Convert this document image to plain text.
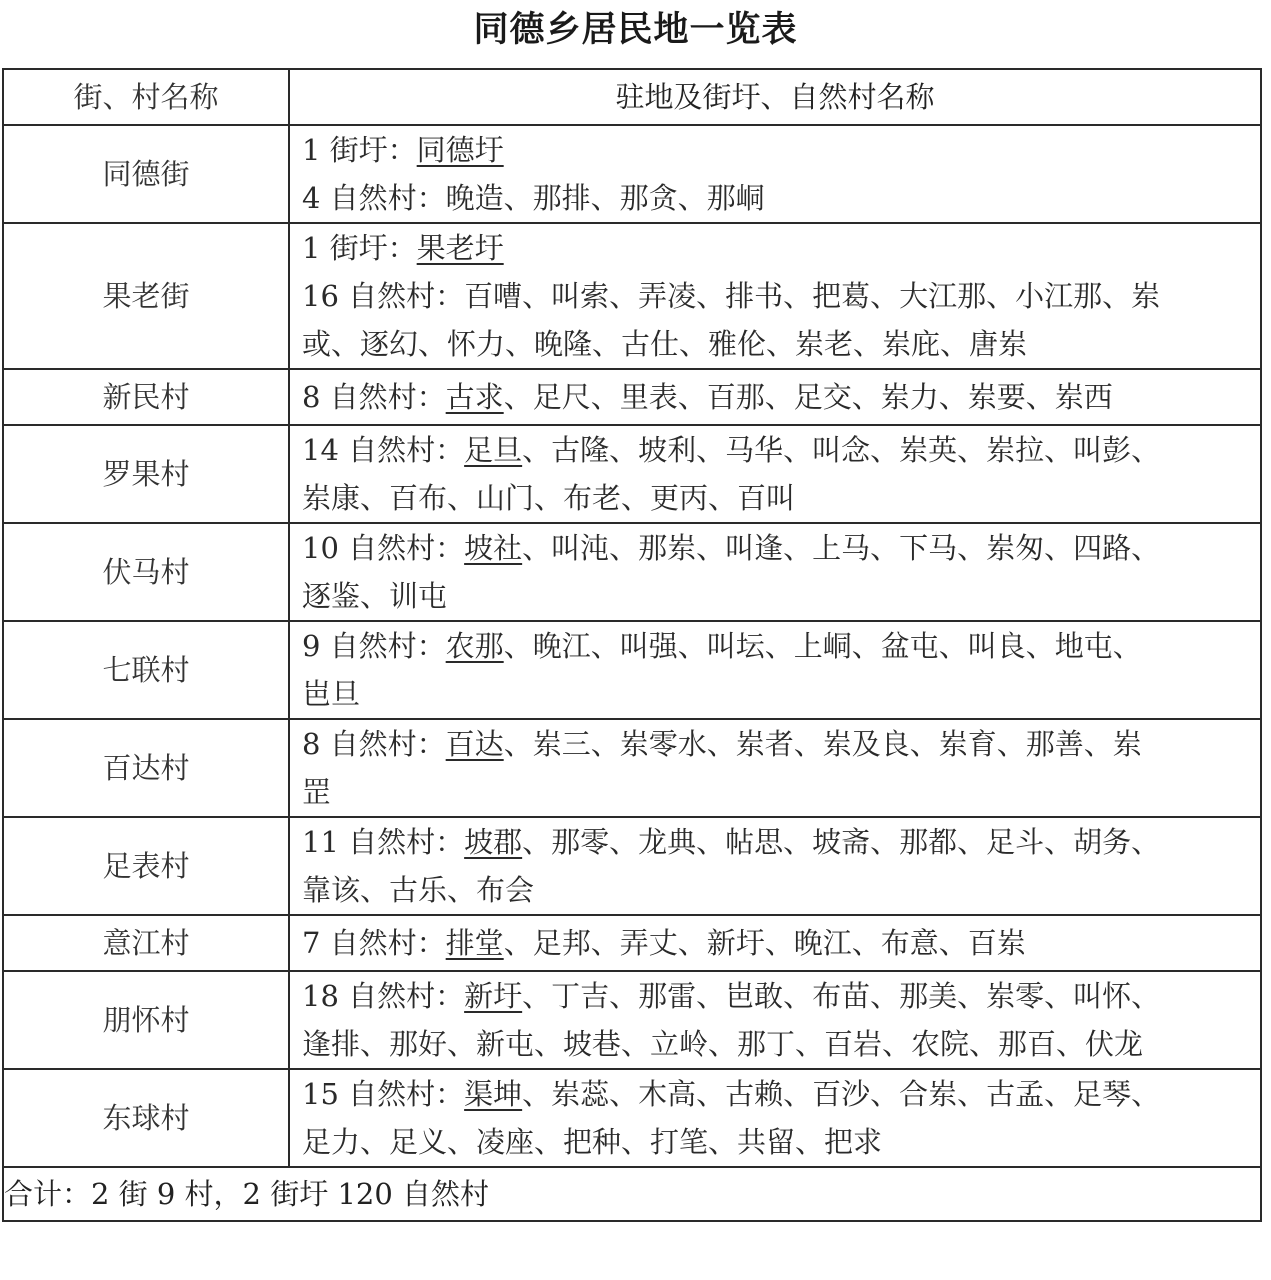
同德乡居民地一览表
街、村名称	驻地及街圩、自然村名称
同德街	1 街圩：同德圩
4 自然村：晚造、那排、那贪、那峒

果老街	1 街圩：果老圩
16 自然村：百嘈、叫索、弄凌、排书、把葛、大江那、小江那、岽
或、逐幻、怀力、晚隆、古仕、雅伦、岽老、岽庇、唐岽

新民村	8 自然村：古求、足尺、里表、百那、足交、岽力、岽要、岽西

罗果村	14 自然村：足旦、古隆、坡利、马华、叫念、岽英、岽拉、叫彭、
岽康、百布、山门、布老、更丙、百叫

伏马村	10 自然村：坡社、叫沌、那岽、叫逢、上马、下马、岽匆、四路、
逐鉴、训屯

七联村	9 自然村：农那、晚江、叫强、叫坛、上峒、盆屯、叫良、地屯、
岜旦

百达村	8 自然村：百达、岽三、岽零水、岽者、岽及良、岽育、那善、岽
罡

足表村	11 自然村：坡郡、那零、龙典、帖思、坡斋、那都、足斗、胡务、
靠该、古乐、布会

意江村	7 自然村：排堂、足邦、弄丈、新圩、晚江、布意、百岽

朋怀村	18 自然村：新圩、丁吉、那雷、岜敢、布苗、那美、岽零、叫怀、
逢排、那好、新屯、坡巷、立岭、那丁、百岩、农院、那百、伏龙

东球村	15 自然村：渠坤、岽蕊、木高、古赖、百沙、合岽、古孟、足琴、
足力、足义、凌座、把种、打笔、共留、把求

合计：2 街 9 村，2 街圩 120 自然村	
